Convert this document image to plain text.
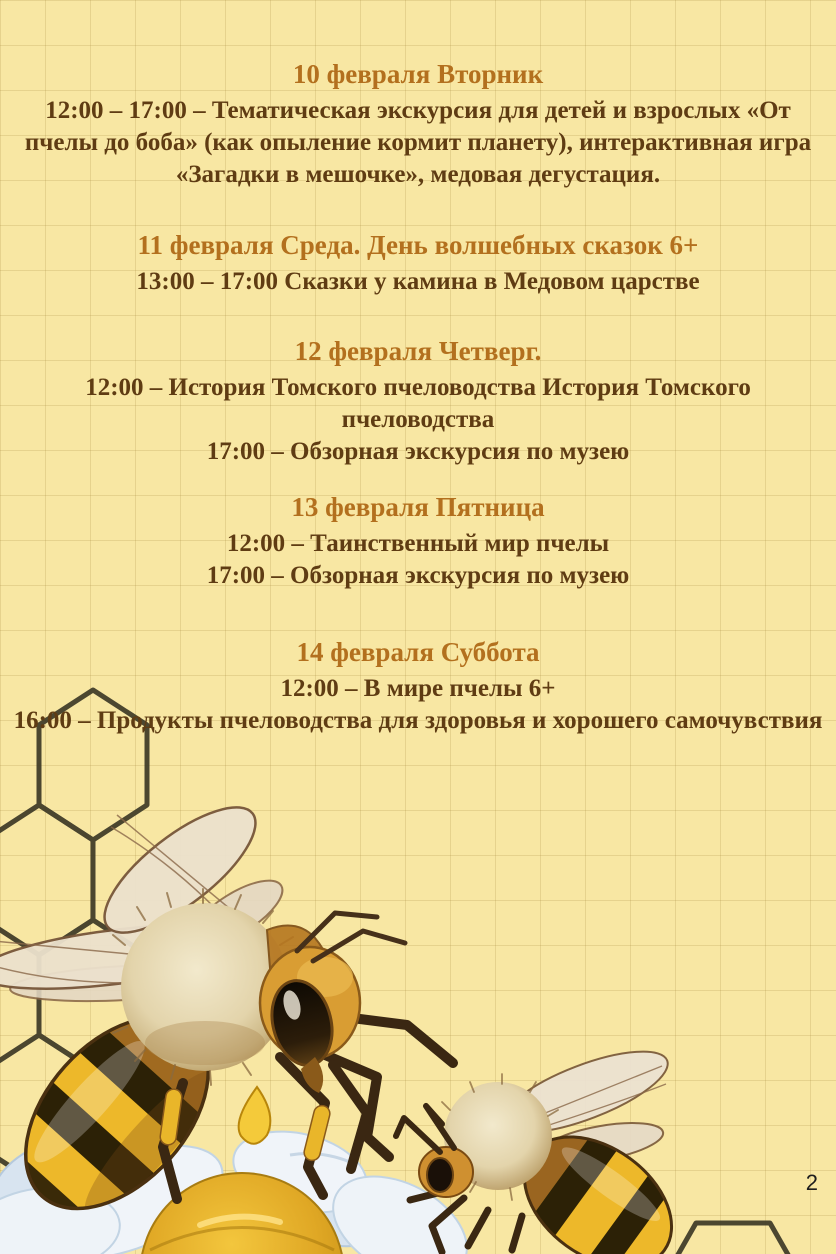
10 февраля Вторник
12:00 – 17:00 – Тематическая экскурсия для детей и взрослых «От
пчелы до боба» (как опыление кормит планету), интерактивная игра
«Загадки в мешочке», медовая дегустация.
11 февраля Среда. День волшебных сказок 6+
13:00 – 17:00 Сказки у камина в Медовом царстве
12 февраля Четверг.
12:00 – История Томского пчеловодства История Томского
пчеловодства
17:00 – Обзорная экскурсия по музею
13 февраля Пятница
12:00 – Таинственный мир пчелы
17:00 – Обзорная экскурсия по музею
14 февраля Суббота
12:00 – В мире пчелы 6+
16:00 – Продукты пчеловодства для здоровья и хорошего самочувствия
2
